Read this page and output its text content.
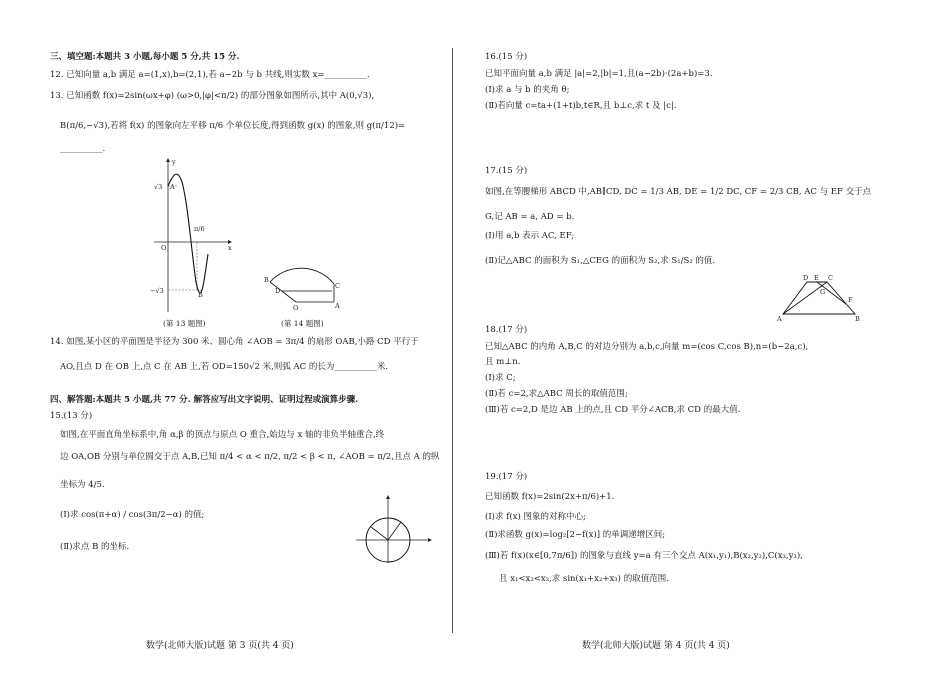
三、填空题:本题共 3 小题,每小题 5 分,共 15 分.
12. 已知向量 a,b 满足 a=(1,x),b=(2,1),若 a−2b 与 b 共线,则实数 x=__________.
13. 已知函数 f(x)=2sin(ωx+φ) (ω>0,|φ|<π/2) 的部分图象如图所示,其中 A(0,√3),
B(π/6,−√3),若将 f(x) 的图象向左平移 π/6 个单位长度,得到函数 g(x) 的图象,则 g(π/12)=
__________.
y
x
O
A
B
π/6
√3
−√3
B
D
C
O	A
(第 13 题图)	(第 14 题图)
14. 如图,某小区的平面图是半径为 300 米、圆心角 ∠AOB = 3π/4 的扇形 OAB,小路 CD 平行于
AO,且点 D 在 OB 上,点 C 在 AB 上,若 OD=150√2 米,则弧 AC 的长为__________米.
四、解答题:本题共 5 小题,共 77 分. 解答应写出文字说明、证明过程或演算步骤.
15.(13 分)
如图,在平面直角坐标系中,角 α,β 的顶点与原点 O 重合,始边与 x 轴的非负半轴重合,终
边 OA,OB 分别与单位圆交于点 A,B,已知 π/4 < α < π/2, π/2 < β < π, ∠AOB = π/2,且点 A 的纵
坐标为 4/5.
(Ⅰ)求 cos(π+α) / cos(3π/2−α) 的值;
(Ⅱ)求点 B 的坐标.
数学(北师大版)试题 第 3 页(共 4 页)
16.(15 分)
已知平面向量 a,b 满足 |a|=2,|b|=1,且(a−2b)·(2a+b)=3.
(Ⅰ)求 a 与 b 的夹角 θ;
(Ⅱ)若向量 c=ta+(1+t)b,t∈R,且 b⊥c,求 t 及 |c|.
17.(15 分)
如图,在等腰梯形 ABCD 中,AB∥CD, DC = 1/3 AB, DE = 1/2 DC, CF = 2/3 CB, AC 与 EF 交于点
G,记 AB = a, AD = b.
(Ⅰ)用 a,b 表示 AC, EF;
(Ⅱ)记△ABC 的面积为 S₁,△CEG 的面积为 S₂,求 S₁/S₂ 的值.
D E C
G
F
A	B
18.(17 分)
已知△ABC 的内角 A,B,C 的对边分别为 a,b,c,向量 m=(cos C,cos B),n=(b−2a,c),
且 m⊥n.
(Ⅰ)求 C;
(Ⅱ)若 c=2,求△ABC 周长的取值范围;
(Ⅲ)若 c=2,D 是边 AB 上的点,且 CD 平分∠ACB,求 CD 的最大值.
19.(17 分)
已知函数 f(x)=2sin(2x+π/6)+1.
(Ⅰ)求 f(x) 图象的对称中心;
(Ⅱ)求函数 g(x)=log₂[2−f(x)] 的单调递增区间;
(Ⅲ)若 f(x)(x∈[0,7π/6]) 的图象与直线 y=a 有三个交点 A(x₁,y₁),B(x₂,y₂),C(x₃,y₃),
且 x₁<x₂<x₃,求 sin(x₁+x₂+x₃) 的取值范围.
数学(北师大版)试题 第 4 页(共 4 页)
